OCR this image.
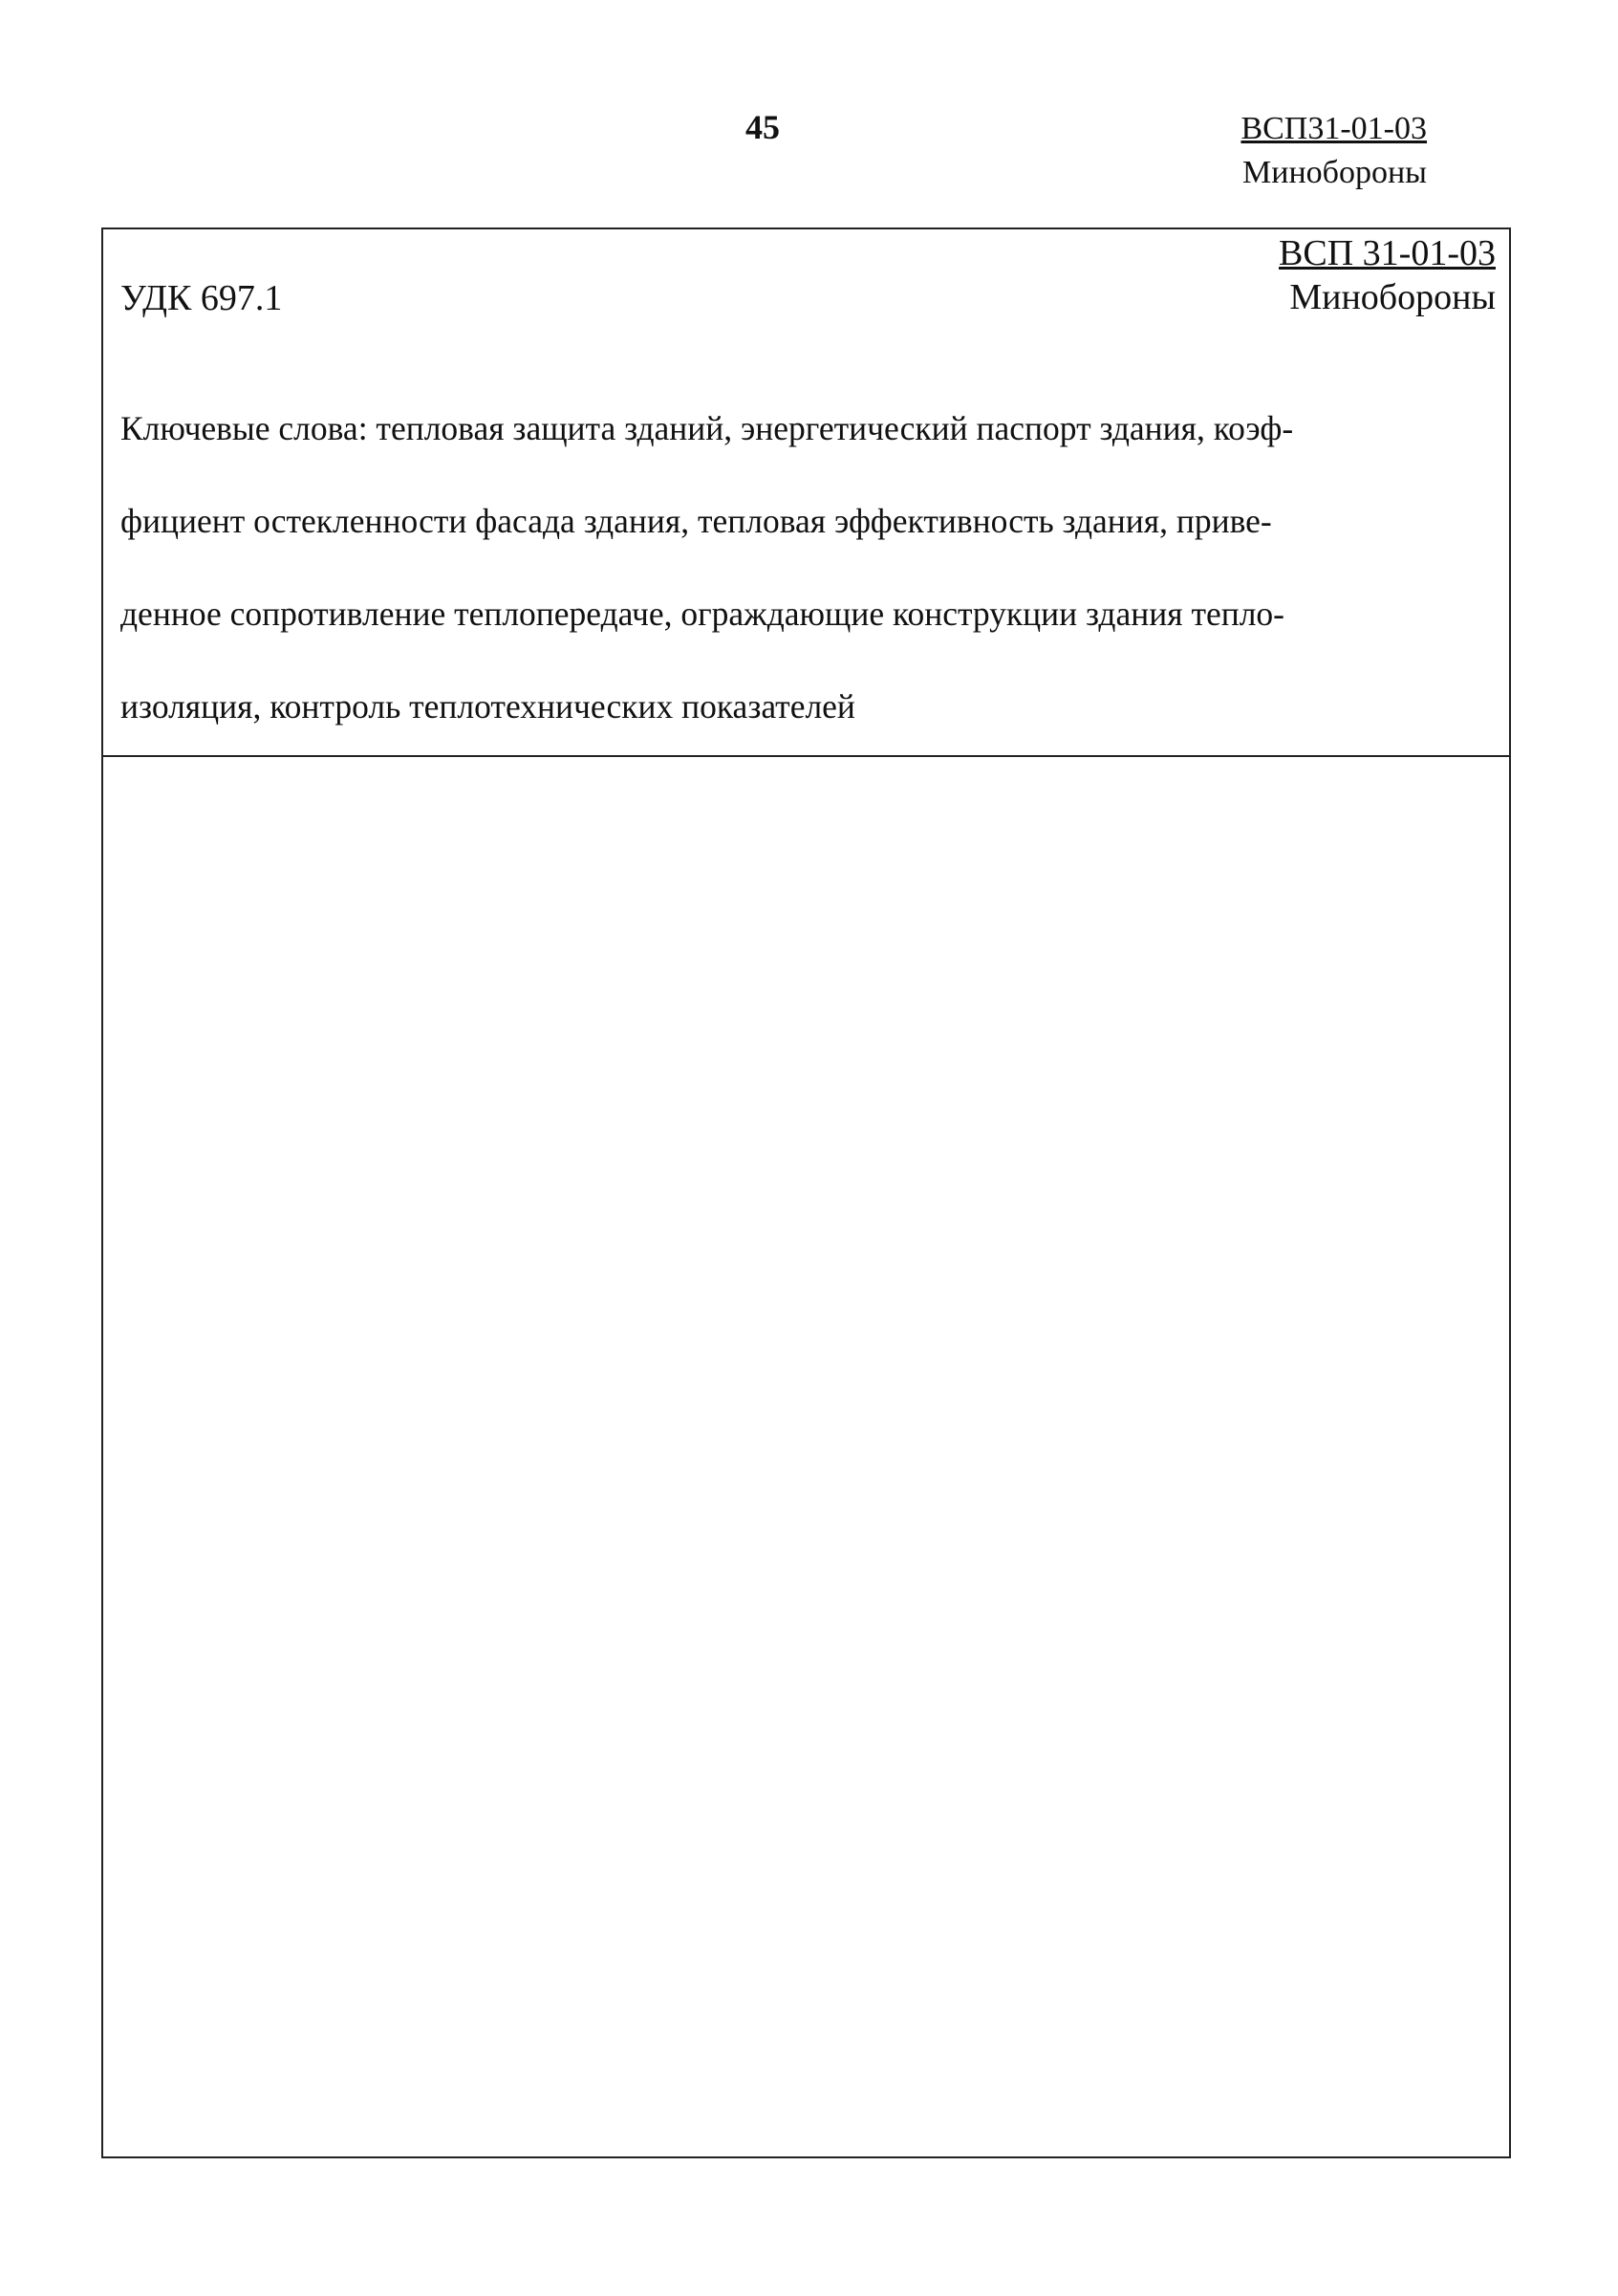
45	ВСП31-01-03
Минобороны
УДК 697.1
ВСП 31-01-03
Минобороны
Ключевые слова: тепловая защита зданий, энергетический паспорт здания, коэф-
фициент остекленности фасада здания, тепловая эффективность здания, приве-
денное сопротивление теплопередаче, ограждающие конструкции здания тепло-
изоляция, контроль теплотехнических показателей
